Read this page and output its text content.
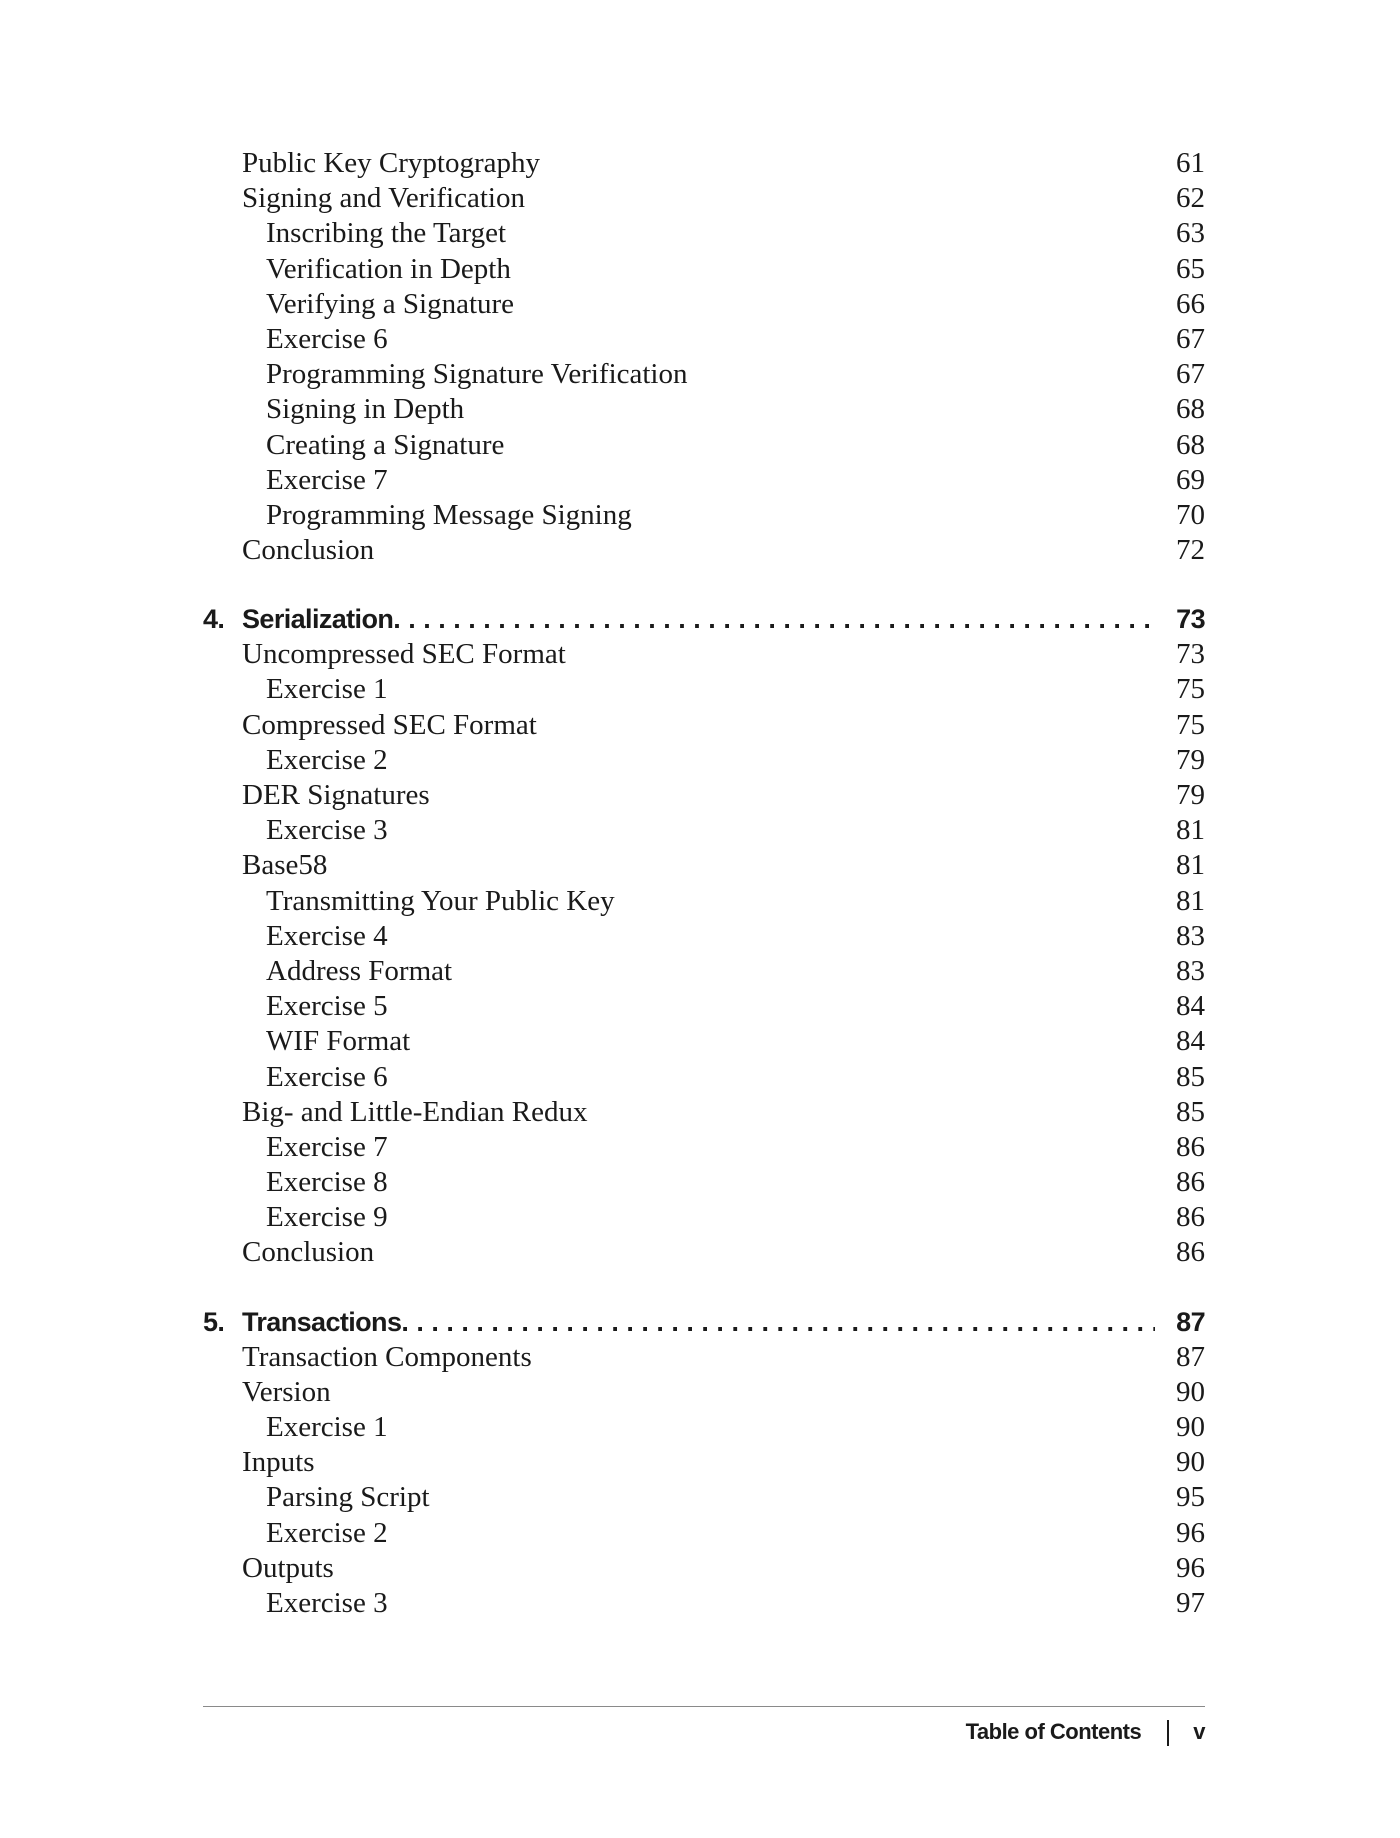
Public Key Cryptography	61
Signing and Verification	62
Inscribing the Target	63
Verification in Depth	65
Verifying a Signature	66
Exercise 6	67
Programming Signature Verification	67
Signing in Depth	68
Creating a Signature	68
Exercise 7	69
Programming Message Signing	70
Conclusion	72
4. Serialization . . .	73
Uncompressed SEC Format	73
Exercise 1	75
Compressed SEC Format	75
Exercise 2	79
DER Signatures	79
Exercise 3	81
Base58	81
Transmitting Your Public Key	81
Exercise 4	83
Address Format	83
Exercise 5	84
WIF Format	84
Exercise 6	85
Big- and Little-Endian Redux	85
Exercise 7	86
Exercise 8	86
Exercise 9	86
Conclusion	86
5. Transactions . . .	87
Transaction Components	87
Version	90
Exercise 1	90
Inputs	90
Parsing Script	95
Exercise 2	96
Outputs	96
Exercise 3	97
Table of Contents v
